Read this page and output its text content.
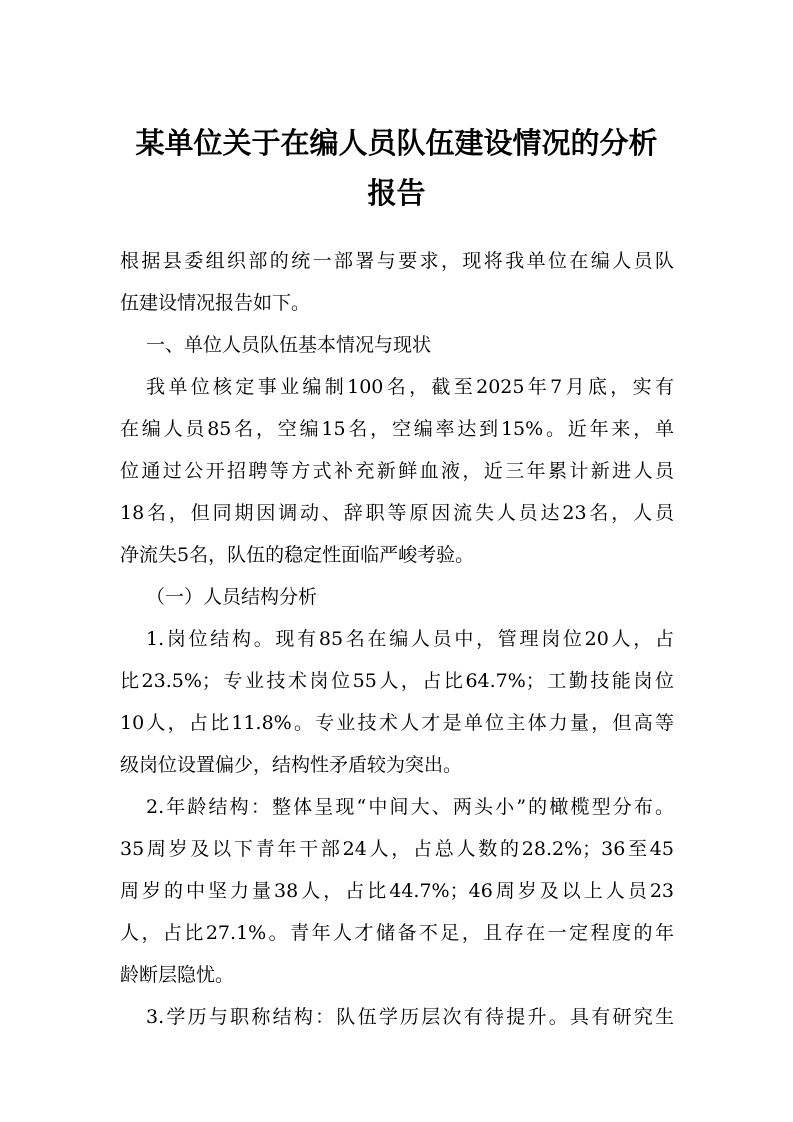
某单位关于在编人员队伍建设情况的分析
报告
根据县委组织部的统一部署与要求，现将我单位在编人员队
伍建设情况报告如下。
一、单位人员队伍基本情况与现状
我单位核定事业编制100名，截至2025年7月底，实有
在编人员85名，空编15名，空编率达到15%。近年来，单
位通过公开招聘等方式补充新鲜血液，近三年累计新进人员
18名，但同期因调动、辞职等原因流失人员达23名，人员
净流失5名，队伍的稳定性面临严峻考验。
（一）人员结构分析
1.岗位结构。现有85名在编人员中，管理岗位20人，占
比23.5%；专业技术岗位55人，占比64.7%；工勤技能岗位
10人，占比11.8%。专业技术人才是单位主体力量，但高等
级岗位设置偏少，结构性矛盾较为突出。
2.年龄结构：整体呈现“中间大、两头小”的橄榄型分布。
35周岁及以下青年干部24人，占总人数的28.2%；36至45
周岁的中坚力量38人，占比44.7%；46周岁及以上人员23
人，占比27.1%。青年人才储备不足，且存在一定程度的年
龄断层隐忧。
3.学历与职称结构：队伍学历层次有待提升。具有研究生
